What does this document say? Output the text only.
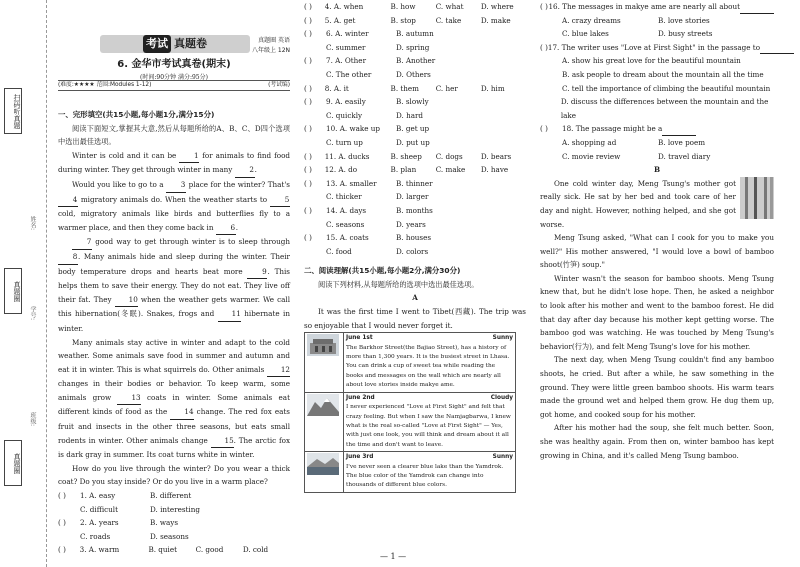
扫码听真题
真题圈
真题圈
姓名:
学号:
班级:
考试 真题卷	真题圈 英语
八年级上 12N
6. 金华市考试真卷(期末)
(时间:90分钟 满分:95分)
(难度:★★★★ 范围:Modules 1-12)	(考试编)
一、完形填空(共15小题,每小题1分,满分15分)

阅读下面短文,掌握其大意,然后从每题所给的A、B、C、D四个选项中选出最佳选项。

Winter is cold and it can be 1 for animals to find food during winter. They get through winter in many 2.

Would you like to go to a 3 place for the winter? That's 4 migratory animals do. When the weather starts to 5 cold, migratory animals like birds and butterflies fly to a warmer place, and then they come back in 6.

7 good way to get through winter is to sleep through 8. Many animals hide and sleep during the winter. Their body temperature drops and hearts beat more 9. This helps them to save their energy. They do not eat. They live off their fat. They 10 when the weather gets warmer. We call this hibernation(冬眠). Snakes, frogs and 11 hibernate in winter.

Many animals stay active in winter and adapt to the cold weather. Some animals save food in summer and autumn and eat it in winter. This is what squirrels do. Other animals 12 changes in their bodies or behavior. To keep warm, some animals grow 13 coats in winter. Some animals eat different kinds of food as the 14 change. The red fox eats fruit and insects in the other three seasons, but eats small rodents in winter. Other animals change 15. The arctic fox is dark gray in summer. Its coat turns white in winter.

How do you live through the winter? Do you wear a thick coat? Do you stay inside? Or do you live in a warm place?

( )	1. A. easy	B. different
C. difficult	D. interesting
( )	2. A. years	B. ways
C. roads	D. seasons
( )	3. A. warm	B. quiet	C. good	D. cold
( )	4. A. when	B. how	C. what	D. where
( )	5. A. get	B. stop	C. take	D. make
( )	6. A. winter	B. autumn
C. summer	D. spring
( )	7. A. Other	B. Another
C. The other	D. Others
( )	8. A. it	B. them	C. her	D. him
( )	9. A. easily	B. slowly
C. quickly	D. hard
( )	10. A. wake up	B. get up
C. turn up	D. put up
( )	11. A. ducks	B. sheep	C. dogs	D. bears
( )	12. A. do	B. plan	C. make	D. have
( )	13. A. smaller	B. thinner
C. thicker	D. larger
( )	14. A. days	B. months
C. seasons	D. years
( )	15. A. coats	B. houses
C. food	D. colors
二、阅读理解(共15小题,每小题2分,满分30分)

阅读下列材料,从每题所给的选项中选出最佳选项。

A

It was the first time I went to Tibet(西藏). The trip was so enjoyable that I would never forget it.

June 1st Sunny
The Barkhor Street(the Bajiao Street), has a history of more than 1,300 years. It is the busiest street in Lhasa. You can drink a cup of sweet tea while reading the books and messages on the wall which are nearly all about love stories inside makye ame.

June 2nd Cloudy
I never experienced "Love at First Sight" and felt that crazy feeling. But when I saw the Namjagbarwa, I knew what is the real so-called "Love at First Sight" — Yes, with just one look, you will think and dream about it all the time and don't want to leave.

June 3rd Sunny
I've never seen a clearer blue lake than the Yamdrok. The blue color of the Yamdrok can change into thousands of different blue colors.
( ) 16. The messages in makye ame are nearly all about
A. crazy dreams	B. love stories
C. blue lakes	D. busy streets
( ) 17. The writer uses "Love at First Sight" in the passage to
A. show his great love for the beautiful mountain
B. ask people to dream about the mountain all the time
C. tell the importance of climbing the beautiful mountain
D. discuss the differences between the mountain and the lake
( )	18. The passage might be a
A. shopping ad	B. love poem
C. movie review	D. travel diary
B

One cold winter day, Meng Tsung's mother got really sick. He sat by her bed and took care of her day and night. However, nothing helped, and she got worse.

Meng Tsung asked, "What can I cook for you to make you well?" His mother answered, "I would love a bowl of bamboo shoot(竹笋) soup."

Winter wasn't the season for bamboo shoots. Meng Tsung knew that, but he didn't lose hope. Then, he asked a neighbor to look after his mother and went to the bamboo forest. He did that day after day because his mother kept getting worse. The bamboo god was watching. He was touched by Meng Tsung's behavior(行为), and felt Meng Tsung's love for his mother.

The next day, when Meng Tsung couldn't find any bamboo shoots, he cried. But after a while, he saw something in the ground. They were little green bamboo shoots. His warm tears made the ground wet and helped them grow. He dug them up, got home, and cooked soup for his mother.

After his mother had the soup, she felt much better. Soon, she was healthy again. From then on, winter bamboo has kept growing in China, and it's called Meng Tsung bamboo.

— 1 —
